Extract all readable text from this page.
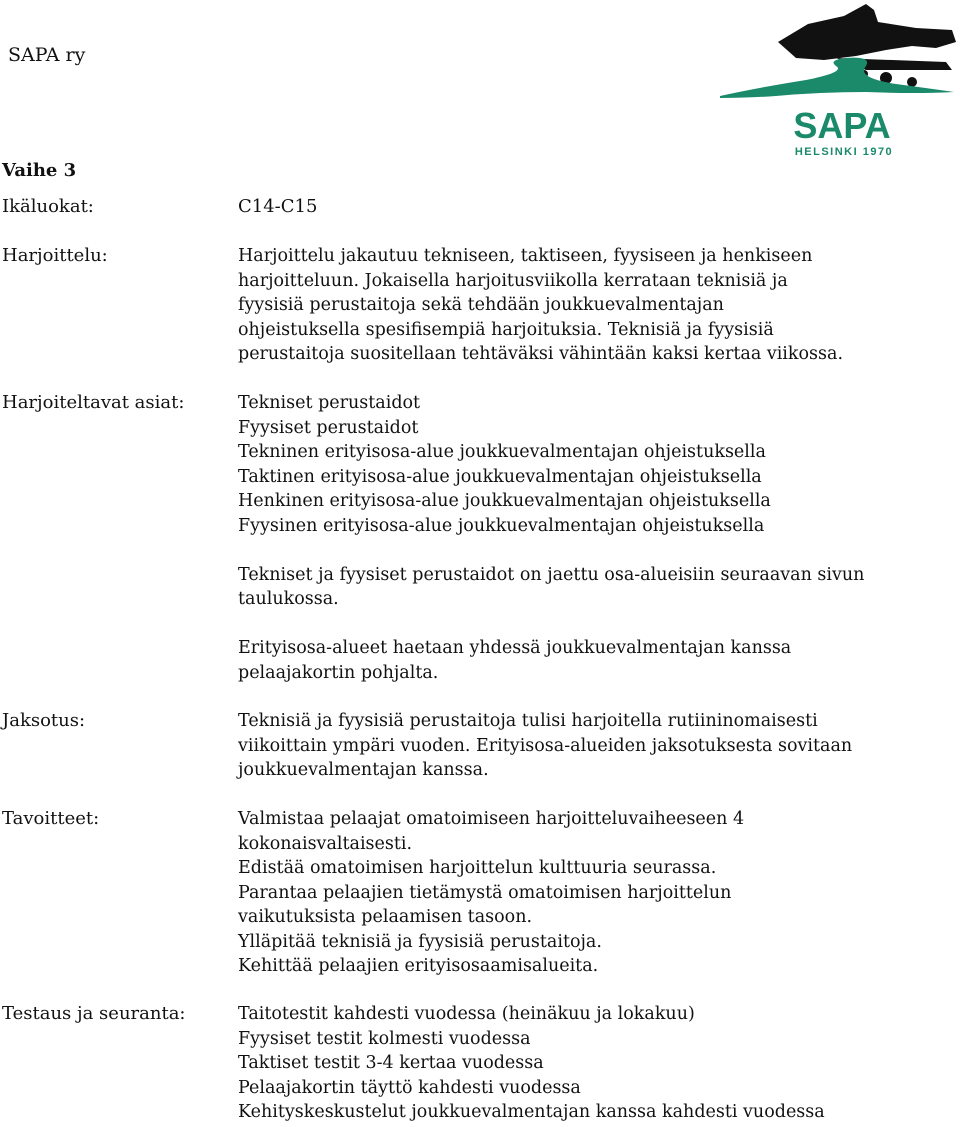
SAPA ry
SAPA
HELSINKI 1970
Vaihe 3
Ikäluokat:	C14-C15
Harjoittelu:	Harjoittelu jakautuu tekniseen, taktiseen, fyysiseen ja henkiseen harjoitteluun. Jokaisella harjoitusviikolla kerrataan teknisiä ja fyysisiä perustaitoja sekä tehdään joukkuevalmentajan ohjeistuksella spesifisempiä harjoituksia. Teknisiä ja fyysisiä perustaitoja suositellaan tehtäväksi vähintään kaksi kertaa viikossa.

Harjoiteltavat asiat:	Tekniset perustaidot
Fyysiset perustaidot
Tekninen erityisosa-alue joukkuevalmentajan ohjeistuksella
Taktinen erityisosa-alue joukkuevalmentajan ohjeistuksella
Henkinen erityisosa-alue joukkuevalmentajan ohjeistuksella
Fyysinen erityisosa-alue joukkuevalmentajan ohjeistuksella

Tekniset ja fyysiset perustaidot on jaettu osa-alueisiin seuraavan sivun taulukossa.

Erityisosa-alueet haetaan yhdessä joukkuevalmentajan kanssa pelaajakortin pohjalta.

Jaksotus:	Teknisiä ja fyysisiä perustaitoja tulisi harjoitella rutiininomaisesti viikoittain ympäri vuoden. Erityisosa-alueiden jaksotuksesta sovitaan joukkuevalmentajan kanssa.

Tavoitteet:	Valmistaa pelaajat omatoimiseen harjoitteluvaiheeseen 4 kokonaisvaltaisesti.
Edistää omatoimisen harjoittelun kulttuuria seurassa.
Parantaa pelaajien tietämystä omatoimisen harjoittelun vaikutuksista pelaamisen tasoon.
Ylläpitää teknisiä ja fyysisiä perustaitoja.
Kehittää pelaajien erityisosaamisalueita.
Testaus ja seuranta:	Taitotestit kahdesti vuodessa (heinäkuu ja lokakuu)
Fyysiset testit kolmesti vuodessa
Taktiset testit 3-4 kertaa vuodessa
Pelaajakortin täyttö kahdesti vuodessa
Kehityskeskustelut joukkuevalmentajan kanssa kahdesti vuodessa
